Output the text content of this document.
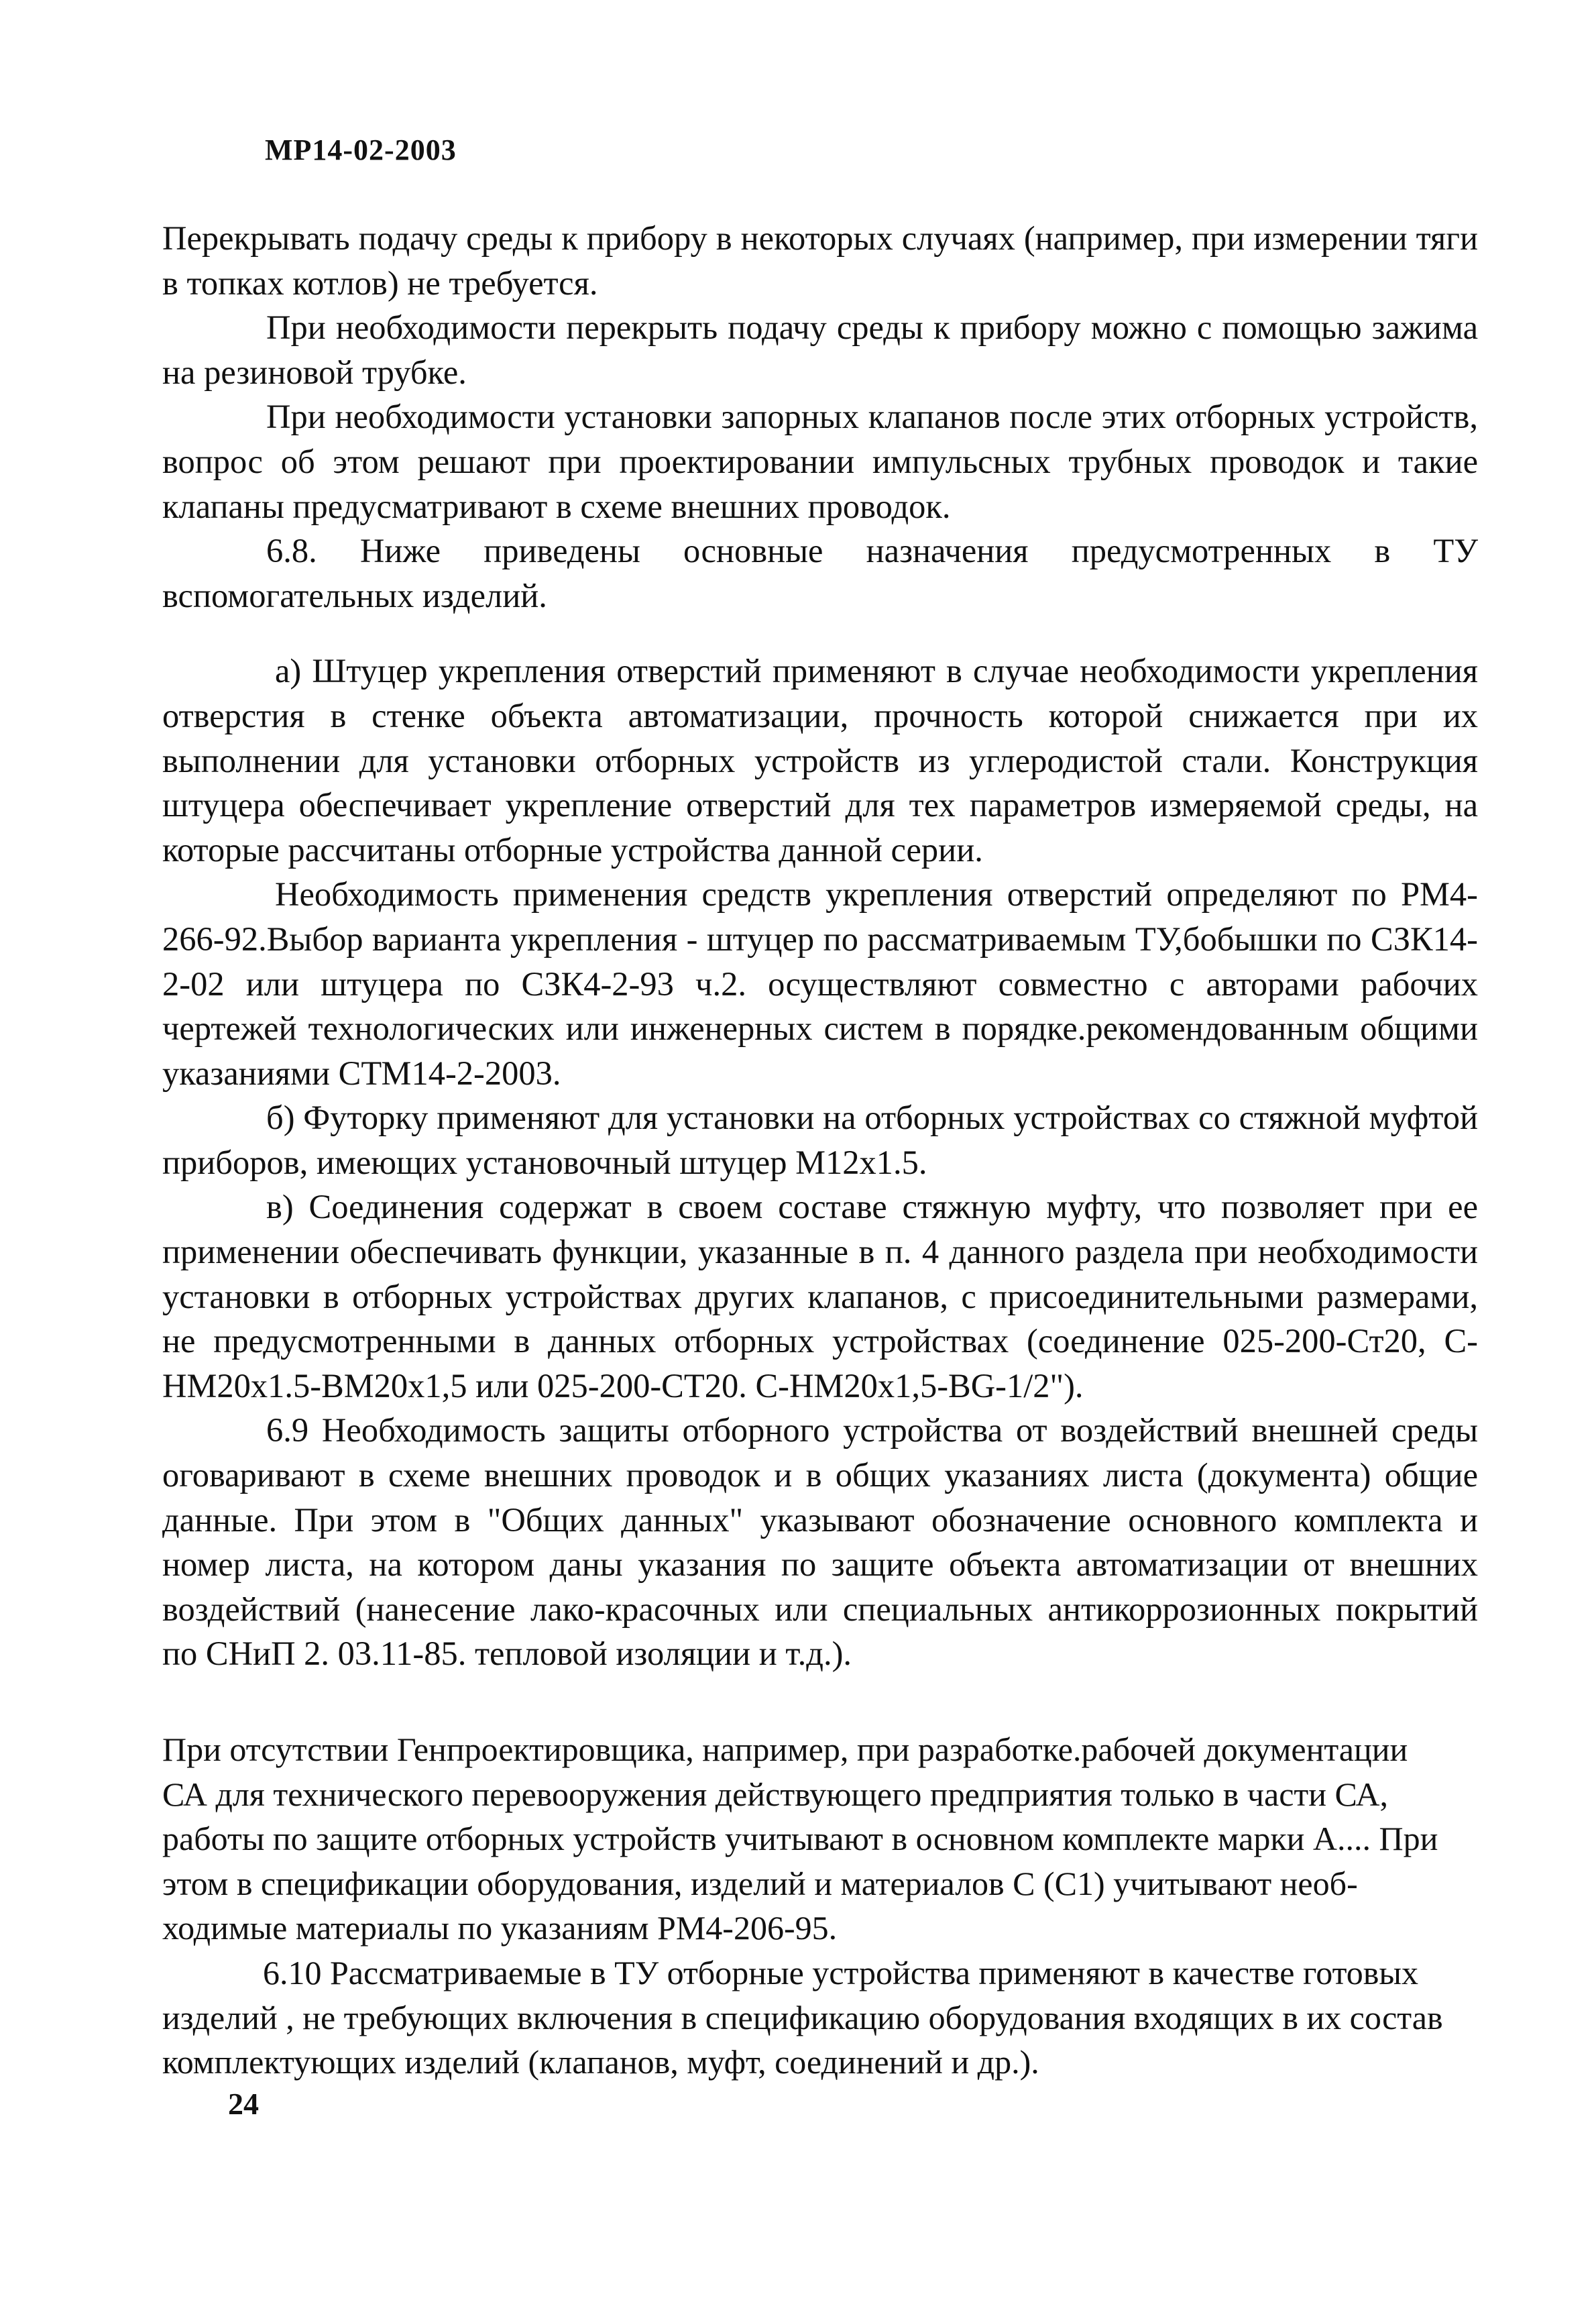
МР14-02-2003

Перекрывать подачу среды к прибору в некоторых случаях (например, при измерении тяги в топках котлов) не требуется.

При необходимости перекрыть подачу среды к прибору можно с помощью зажима на резиновой трубке.

При необходимости установки запорных клапанов после этих отборных устройств, вопрос об этом решают при проектировании импульсных трубных проводок и такие клапаны предусматривают в схеме внешних проводок.

6.8. Ниже приведены основные назначения предусмотренных в ТУ вспомогательных изделий.

а) Штуцер укрепления отверстий применяют в случае необходимости укрепления отверстия в стенке объекта автоматизации, прочность которой снижается при их выполнении для установки отборных устройств из углеродистой стали. Конструкция штуцера обеспечивает укрепление отверстий для тех параметров измеряемой среды, на которые рассчитаны отборные устройства данной серии.

Необходимость применения средств укрепления отверстий определяют по РМ4-266-92.Выбор варианта укрепления - штуцер по рассматриваемым ТУ,бобышки по СЗК14-2-02 или штуцера по СЗК4-2-93 ч.2. осуществляют совместно с авторами рабочих чертежей технологических или инженерных систем в порядке.рекомендованным общими указаниями СТМ14-2-2003.

б) Футорку применяют для установки на отборных устройствах со стяжной муфтой приборов, имеющих установочный штуцер М12х1.5.

в) Соединения содержат в своем составе стяжную муфту, что позволяет при ее применении обеспечивать функции, указанные в п. 4 данного раздела при необходимости установки в отборных устройствах других клапанов, с присоединительными размерами, не предусмотренными в данных отборных устройствах (соединение 025-200-Ст20, С-НМ20х1.5-ВМ20х1,5 или 025-200-СТ20. С-НМ20х1,5-BG-1/2").

6.9 Необходимость защиты отборного устройства от воздействий внешней среды оговаривают в схеме внешних проводок и в общих указаниях листа (документа) общие данные. При этом в "Общих данных" указывают обозначение основного комплекта и номер листа, на котором даны указания по защите объекта автоматизации от внешних воздействий (нанесение лако-красочных или специальных антикоррозионных покрытий по СНиП 2. 03.11-85. тепловой изоляции и т.д.).

При отсутствии Генпроектировщика, например, при разработке.рабочей документации

СА для технического перевооружения действующего предприятия только в части СА,

работы по защите отборных устройств учитывают в основном комплекте марки А.... При

этом в спецификации оборудования, изделий и материалов С (С1) учитывают необ-

ходимые материалы по указаниям РМ4-206-95.

6.10 Рассматриваемые в ТУ отборные устройства применяют в качестве готовых

изделий , не требующих включения в спецификацию оборудования входящих в их состав

комплектующих изделий (клапанов, муфт, соединений и др.).

24
